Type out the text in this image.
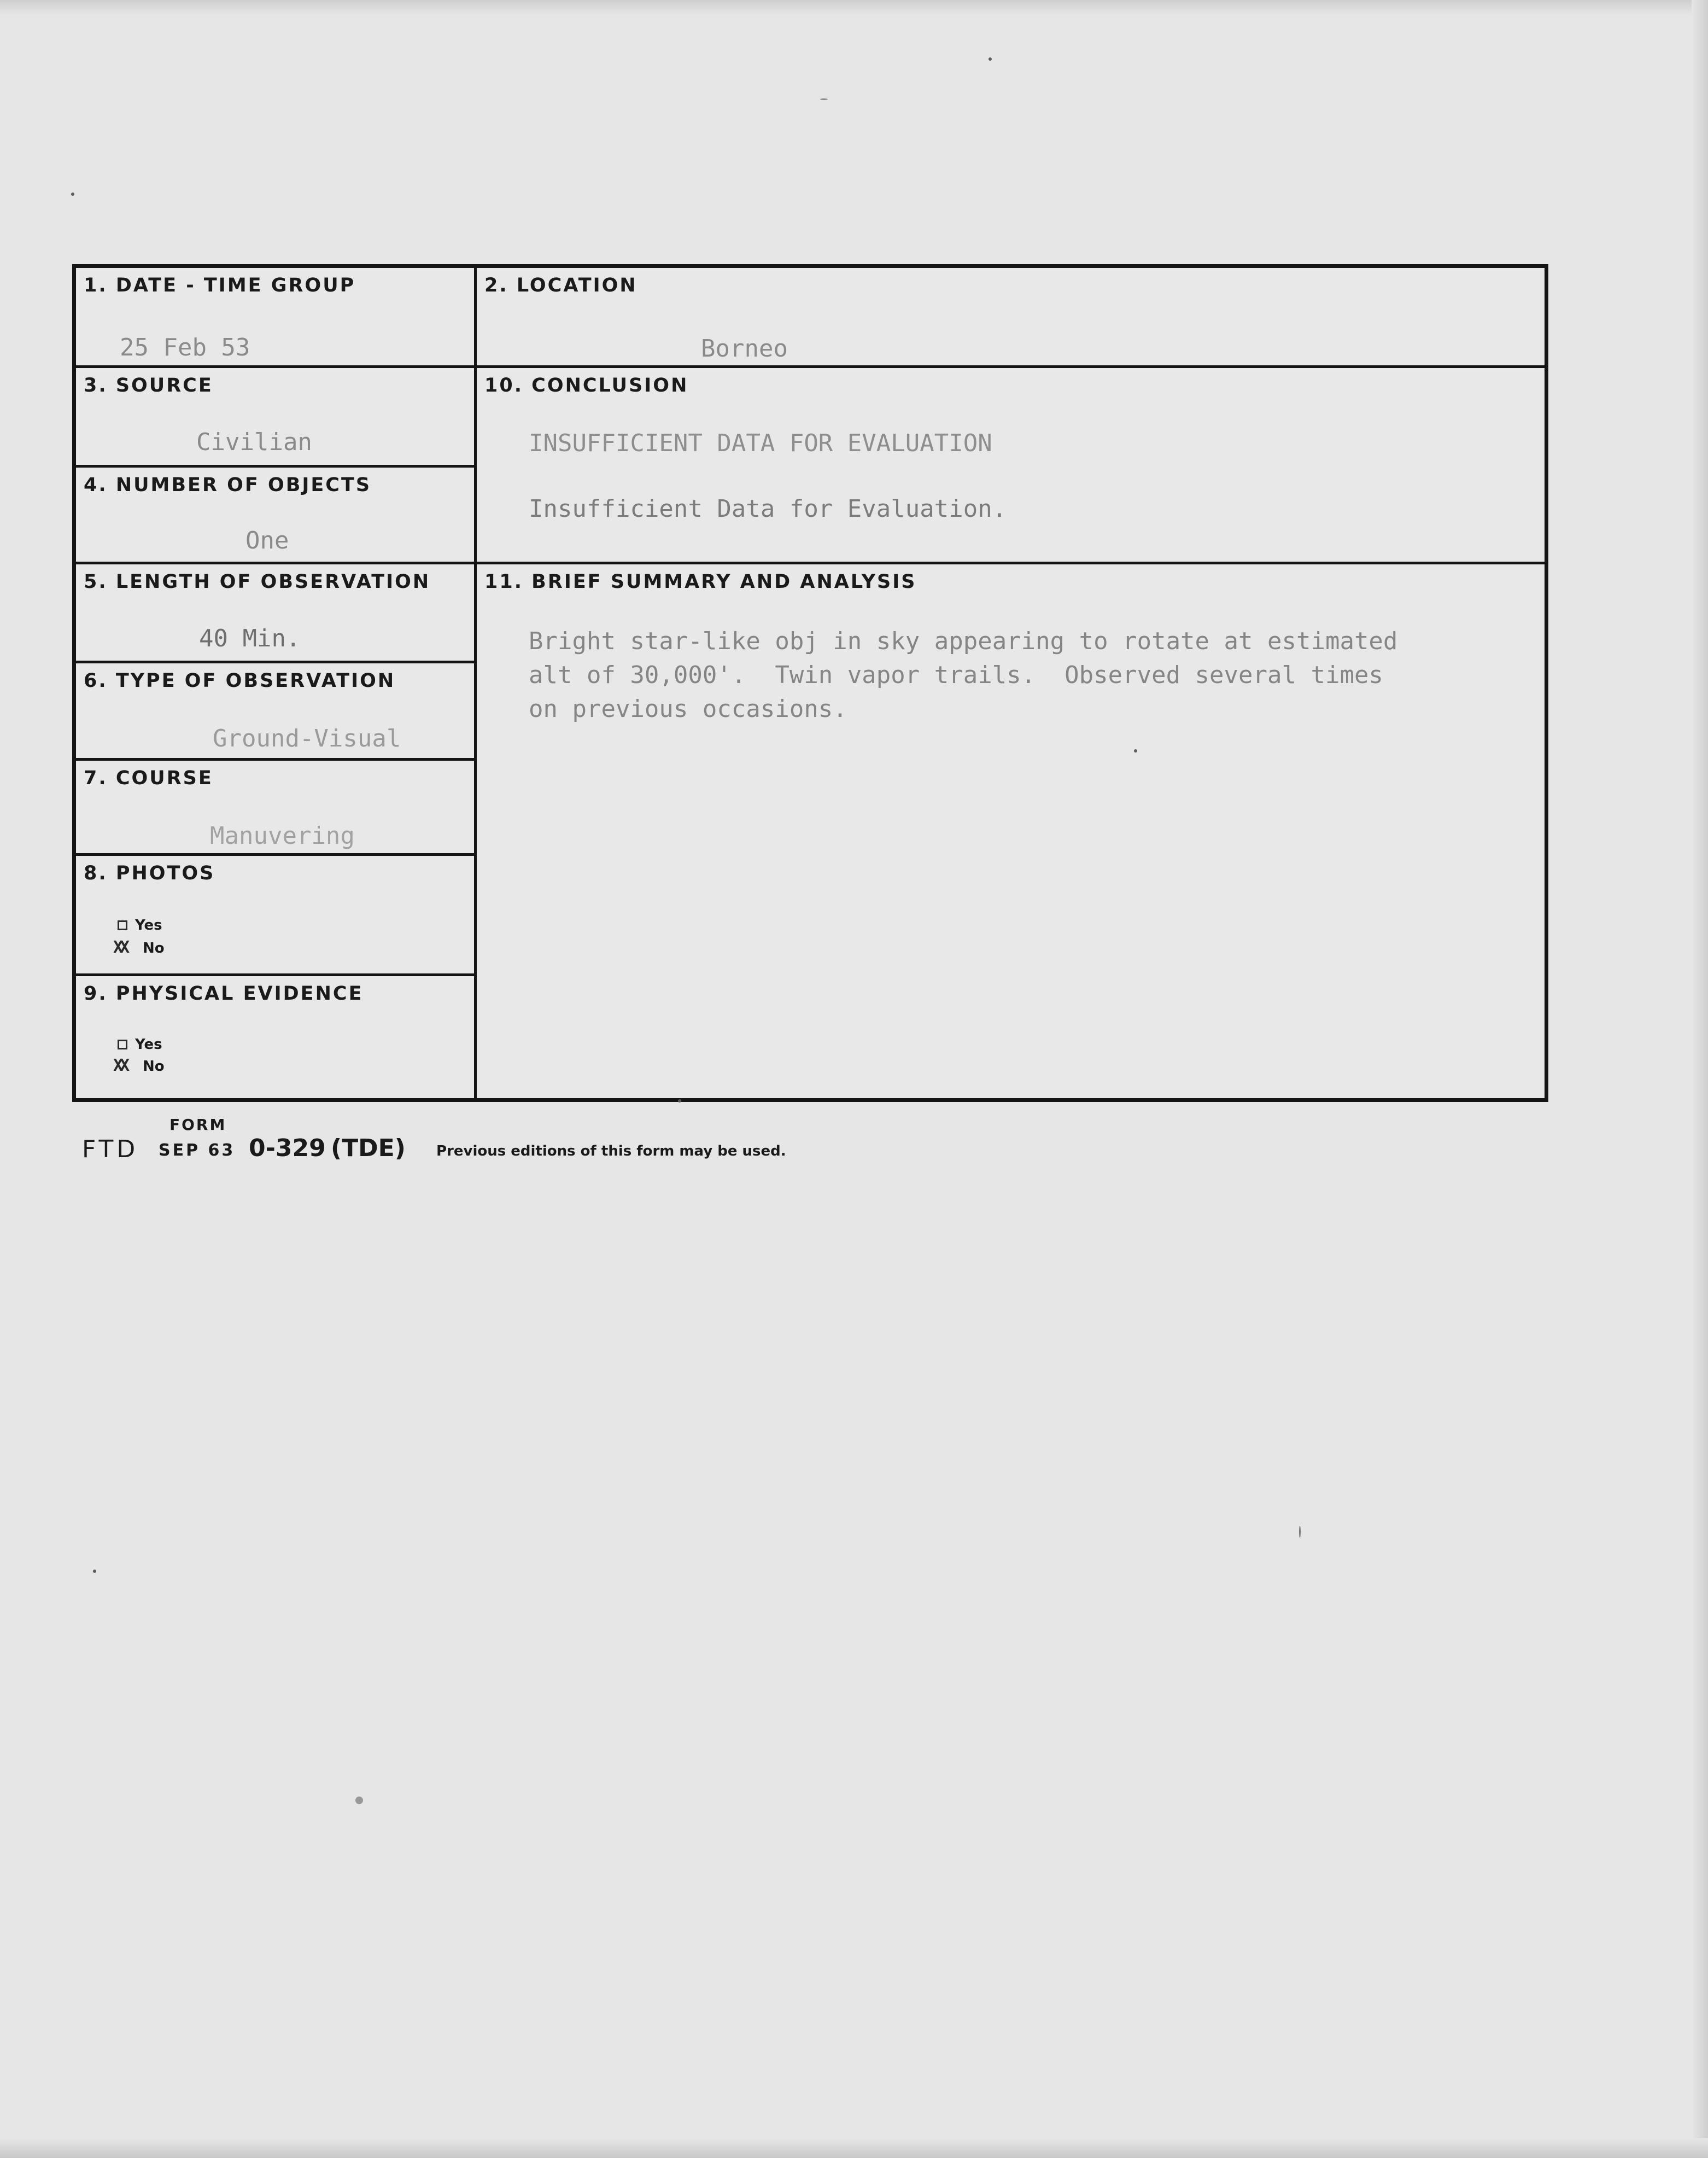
1. DATE - TIME GROUP
25 Feb 53
2. LOCATION
Borneo
3. SOURCE
Civilian
4. NUMBER OF OBJECTS
One
5. LENGTH OF OBSERVATION
40 Min.
6. TYPE OF OBSERVATION
Ground-Visual
7. COURSE
Manuvering
8. PHOTOS
Yes
XX
No
9. PHYSICAL EVIDENCE
Yes
XX
No
10. CONCLUSION
INSUFFICIENT DATA FOR EVALUATION
Insufficient Data for Evaluation.
11. BRIEF SUMMARY AND ANALYSIS
Bright star-like obj in sky appearing to rotate at estimated
alt of 30,000'.  Twin vapor trails.  Observed several times
on previous occasions.
FORM
FTD SEP 63 0-329 (TDE) Previous editions of this form may be used.
